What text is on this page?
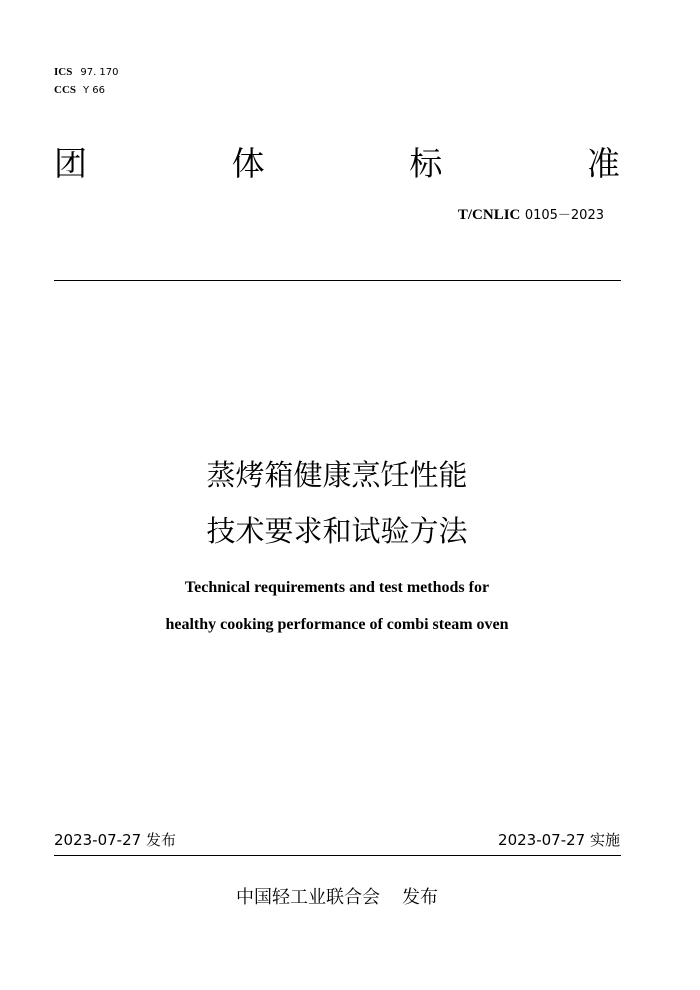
ICS 97. 170
CCS Y 66
团	体	标	准
T/CNLIC 0105－2023
蒸烤箱健康烹饪性能
技术要求和试验方法
Technical requirements and test methods for
healthy cooking performance of combi steam oven
2023-07-27 发布	2023-07-27 实施
中国轻工业联合会 发布
